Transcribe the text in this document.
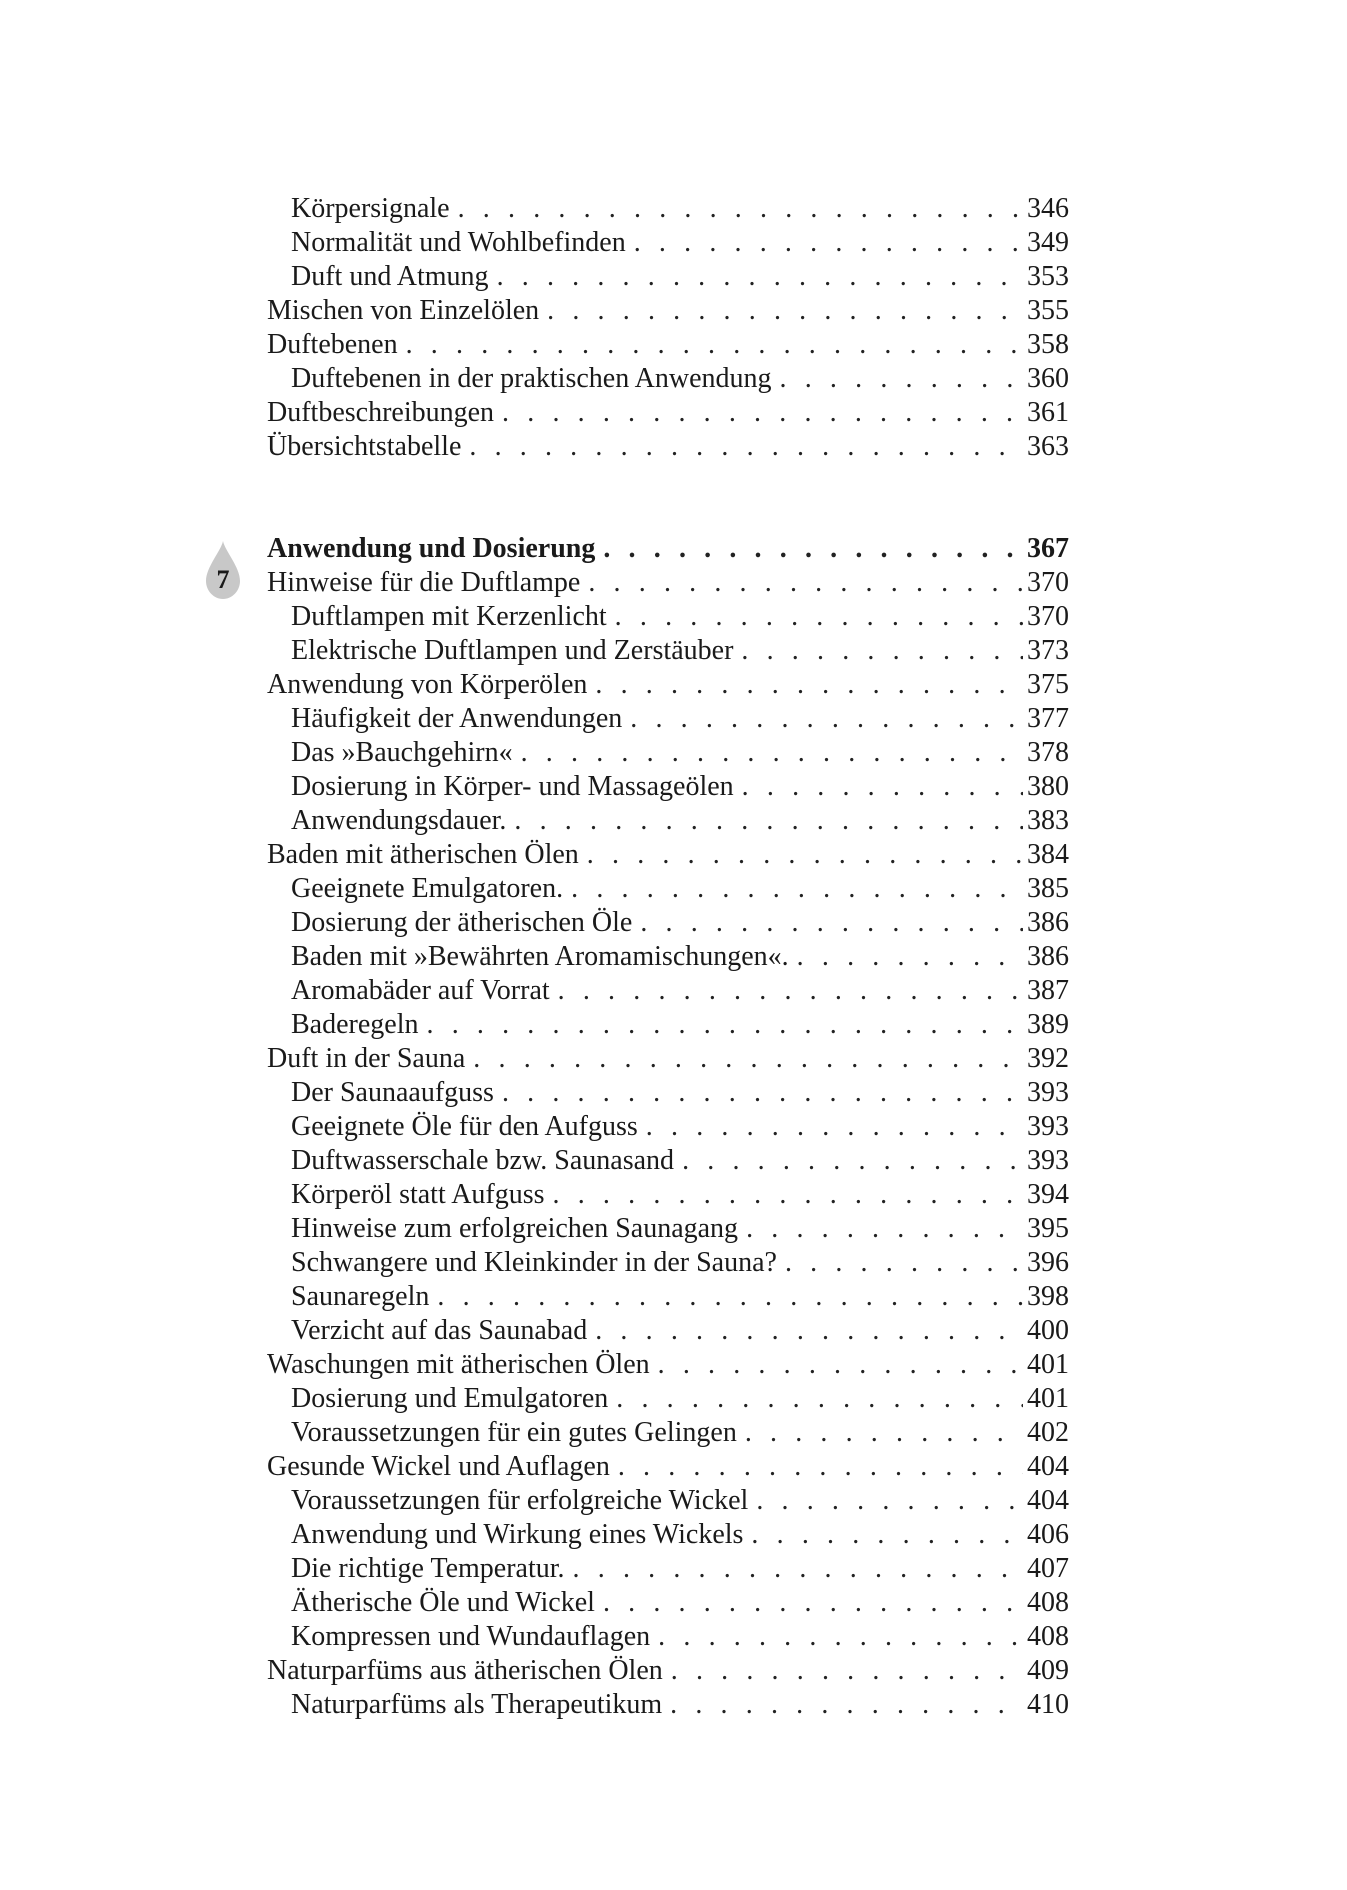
Körpersignale . . .	346
Normalität und Wohlbefinden . . .	349
Duft und Atmung . . .	353
Mischen von Einzelölen . . .	355
Duftebenen . . .	358
Duftebenen in der praktischen Anwendung . . .	360
Duftbeschreibungen . . .	361
Übersichtstabelle . . .	363
7
Anwendung und Dosierung . . .	367
Hinweise für die Duftlampe . . .	370
Duftlampen mit Kerzenlicht . . .	370
Elektrische Duftlampen und Zerstäuber . . .	373
Anwendung von Körperölen . . .	375
Häufigkeit der Anwendungen . . .	377
Das »Bauchgehirn« . . .	378
Dosierung in Körper- und Massageölen . . .	380
Anwendungsdauer. . . .	383
Baden mit ätherischen Ölen . . .	384
Geeignete Emulgatoren. . . .	385
Dosierung der ätherischen Öle . . .	386
Baden mit »Bewährten Aromamischungen«. . . .	386
Aromabäder auf Vorrat . . .	387
Baderegeln . . .	389
Duft in der Sauna . . .	392
Der Saunaaufguss . . .	393
Geeignete Öle für den Aufguss . . .	393
Duftwasserschale bzw. Saunasand . . .	393
Körperöl statt Aufguss . . .	394
Hinweise zum erfolgreichen Saunagang . . .	395
Schwangere und Kleinkinder in der Sauna? . . .	396
Saunaregeln . . .	398
Verzicht auf das Saunabad . . .	400
Waschungen mit ätherischen Ölen . . .	401
Dosierung und Emulgatoren . . .	401
Voraussetzungen für ein gutes Gelingen . . .	402
Gesunde Wickel und Auflagen . . .	404
Voraussetzungen für erfolgreiche Wickel . . .	404
Anwendung und Wirkung eines Wickels . . .	406
Die richtige Temperatur. . . .	407
Ätherische Öle und Wickel . . .	408
Kompressen und Wundauflagen . . .	408
Naturparfüms aus ätherischen Ölen . . .	409
Naturparfüms als Therapeutikum . . .	410
